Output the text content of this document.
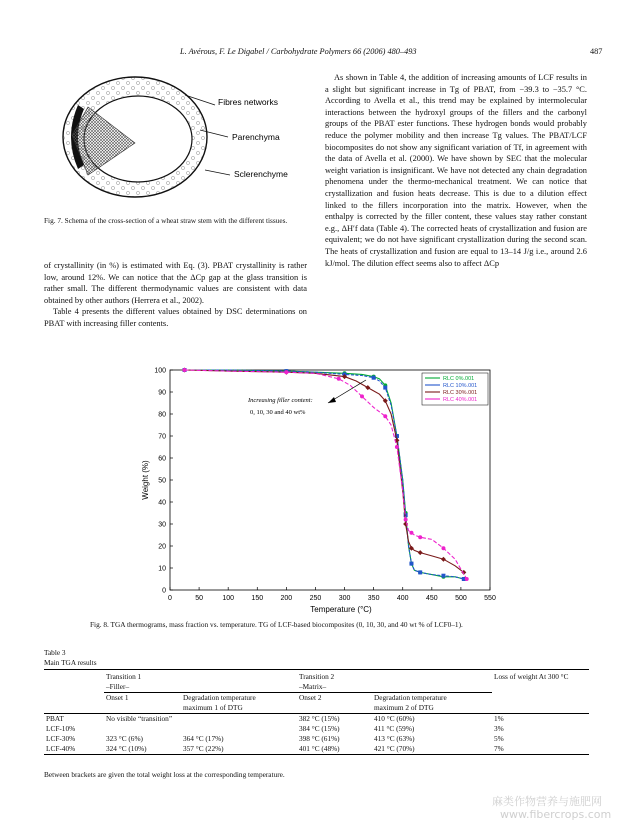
L. Avérous, F. Le Digabel / Carbohydrate Polymers 66 (2006) 480–493	487
Fibres networks
Parenchyma
Sclerenchyme
Fig. 7. Schema of the cross-section of a wheat straw stem with the different tissues.

of crystallinity (in %) is estimated with Eq. (3). PBAT crystallinity is rather low, around 12%. We can notice that the ΔCp gap at the glass transition is rather small. The different thermodynamic values are consistent with data obtained by other authors (Herrera et al., 2002).

Table 4 presents the different values obtained by DSC determinations on PBAT with increasing filler contents.

As shown in Table 4, the addition of increasing amounts of LCF results in a slight but significant increase in Tg of PBAT, from −39.3 to −35.7 °C. According to Avella et al., this trend may be explained by intermolecular interactions between the hydroxyl groups of the fillers and the carbonyl groups of the PBAT ester functions. These hydrogen bonds would probably reduce the polymer mobility and then increase Tg values. The PBAT/LCF biocomposites do not show any significant variation of Tf, in agreement with the data of Avella et al. (2000). We have shown by SEC that the molecular weight variation is insignificant. We have not detected any chain degradation phenomena under the thermo-mechanical treatment. We can notice that crystallization and fusion heats decrease. This is due to a dilution effect linked to the fillers incorporation into the matrix. However, when the enthalpy is corrected by the filler content, these values stay rather constant e.g., ΔH′f data (Table 4). The corrected heats of crystallization and fusion are equivalent; we do not have significant crystallization during the second scan. The heats of crystallization and fusion are equal to 13–14 J/g i.e., around 2.6 kJ/mol. The dilution effect seems also to affect ΔCp

0	50	100 150 200 250 300 350 400 450 500 550
0
10
20
30
40
50
60
70
80
90
100
RLC 0%.001
RLC 10%.001
RLC 30%.001
RLC 40%.001
Increasing filler content:
0, 10, 30 and 40 wt%
Temperature (°C)
Weight (%)
Fig. 8. TGA thermograms, mass fraction vs. temperature. TG of LCF-based biocomposites (0, 10, 30, and 40 wt % of LCF0–1).
Table 3
Main TGA results
	Transition 1
–Filler–		Transition 2
–Matrix–		Loss of weight At 300 °C
	Onset 1	Degradation temperature
maximum 1 of DTG	Onset 2	Degradation temperature
maximum 2 of DTG	
PBAT	No visible “transition”		382 °C (15%)	410 °C (60%)	1%
LCF-10%			384 °C (15%)	411 °C (59%)	3%
LCF-30%	323 °C (6%)	364 °C (17%)	398 °C (61%)	413 °C (63%)	5%
LCF-40%	324 °C (10%)	357 °C (22%)	401 °C (48%)	421 °C (70%)	7%
Between brackets are given the total weight loss at the corresponding temperature.
麻类作物营养与施肥网
www.fibercrops.com
